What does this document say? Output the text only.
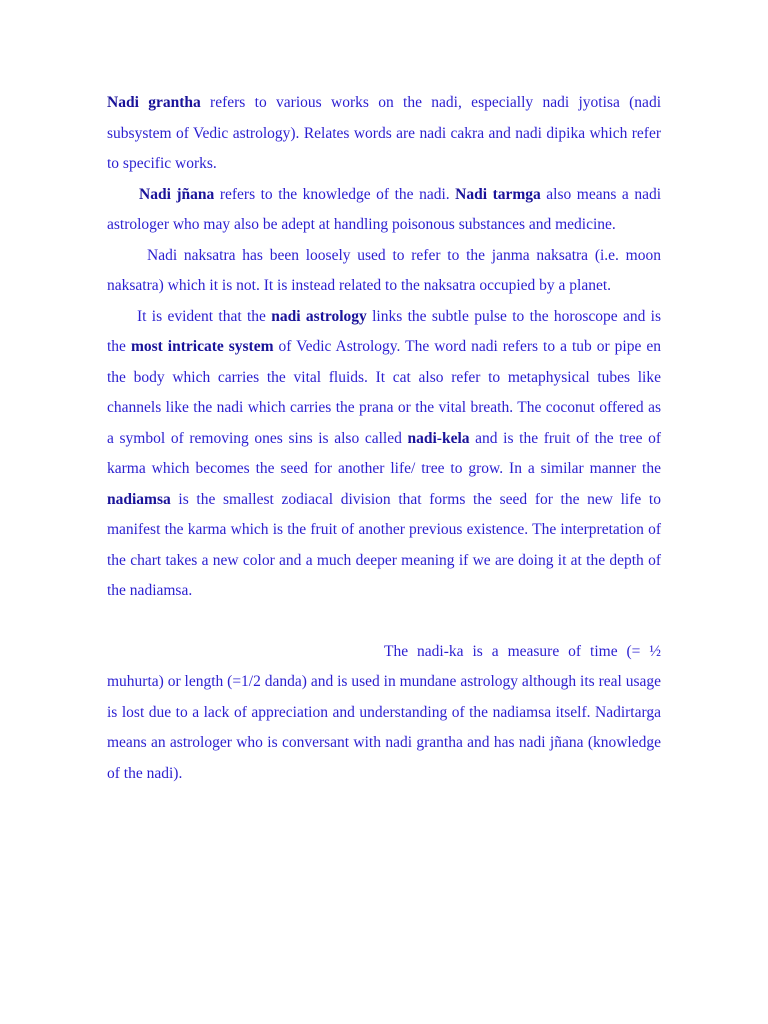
Nadi grantha refers to various works on the nadi, especially nadi jyotisa (nadi subsystem of Vedic astrology). Relates words are nadi cakra and nadi dipika which refer to specific works.

Nadi jñana refers to the knowledge of the nadi. Nadi tarmga also means a nadi astrologer who may also be adept at handling poisonous substances and medicine.

Nadi naksatra has been loosely used to refer to the janma naksatra (i.e. moon naksatra) which it is not. It is instead related to the naksatra occupied by a planet.

It is evident that the nadi astrology links the subtle pulse to the horoscope and is the most intricate system of Vedic Astrology. The word nadi refers to a tub or pipe en the body which carries the vital fluids. It cat also refer to metaphysical tubes like channels like the nadi which carries the prana or the vital breath. The coconut offered as a symbol of removing ones sins is also called nadi-kela and is the fruit of the tree of karma which becomes the seed for another life/ tree to grow. In a similar manner the nadiamsa is the smallest zodiacal division that forms the seed for the new life to manifest the karma which is the fruit of another previous existence. The interpretation of the chart takes a new color and a much deeper meaning if we are doing it at the depth of the nadiamsa.

The nadi-ka is a measure of time (= ½ muhurta) or length (=1/2 danda) and is used in mundane astrology although its real usage is lost due to a lack of appreciation and understanding of the nadiamsa itself. Nadirtarga means an astrologer who is conversant with nadi grantha and has nadi jñana (knowledge of the nadi).
